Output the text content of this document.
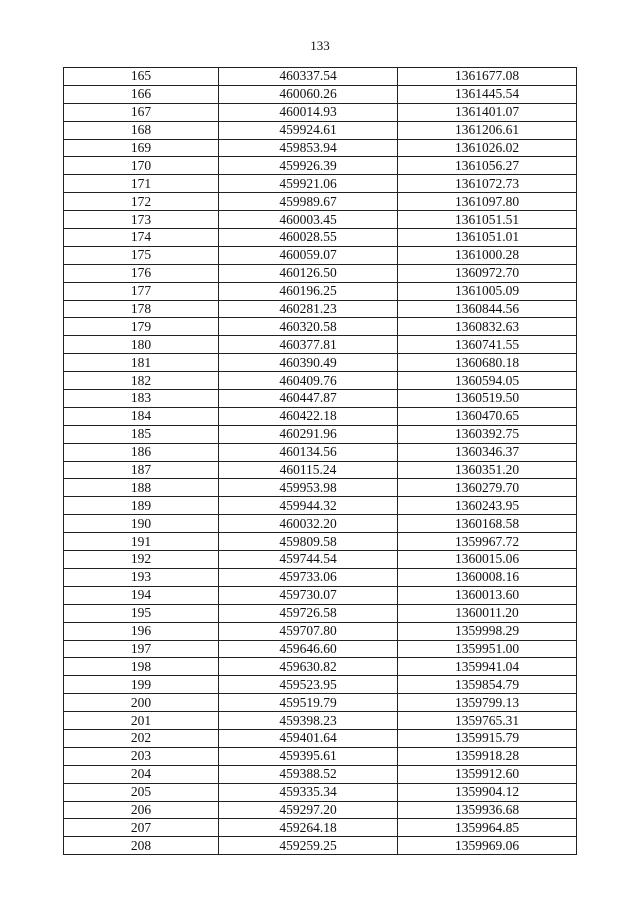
133
165	460337.54	1361677.08
166	460060.26	1361445.54
167	460014.93	1361401.07
168	459924.61	1361206.61
169	459853.94	1361026.02
170	459926.39	1361056.27
171	459921.06	1361072.73
172	459989.67	1361097.80
173	460003.45	1361051.51
174	460028.55	1361051.01
175	460059.07	1361000.28
176	460126.50	1360972.70
177	460196.25	1361005.09
178	460281.23	1360844.56
179	460320.58	1360832.63
180	460377.81	1360741.55
181	460390.49	1360680.18
182	460409.76	1360594.05
183	460447.87	1360519.50
184	460422.18	1360470.65
185	460291.96	1360392.75
186	460134.56	1360346.37
187	460115.24	1360351.20
188	459953.98	1360279.70
189	459944.32	1360243.95
190	460032.20	1360168.58
191	459809.58	1359967.72
192	459744.54	1360015.06
193	459733.06	1360008.16
194	459730.07	1360013.60
195	459726.58	1360011.20
196	459707.80	1359998.29
197	459646.60	1359951.00
198	459630.82	1359941.04
199	459523.95	1359854.79
200	459519.79	1359799.13
201	459398.23	1359765.31
202	459401.64	1359915.79
203	459395.61	1359918.28
204	459388.52	1359912.60
205	459335.34	1359904.12
206	459297.20	1359936.68
207	459264.18	1359964.85
208	459259.25	1359969.06
